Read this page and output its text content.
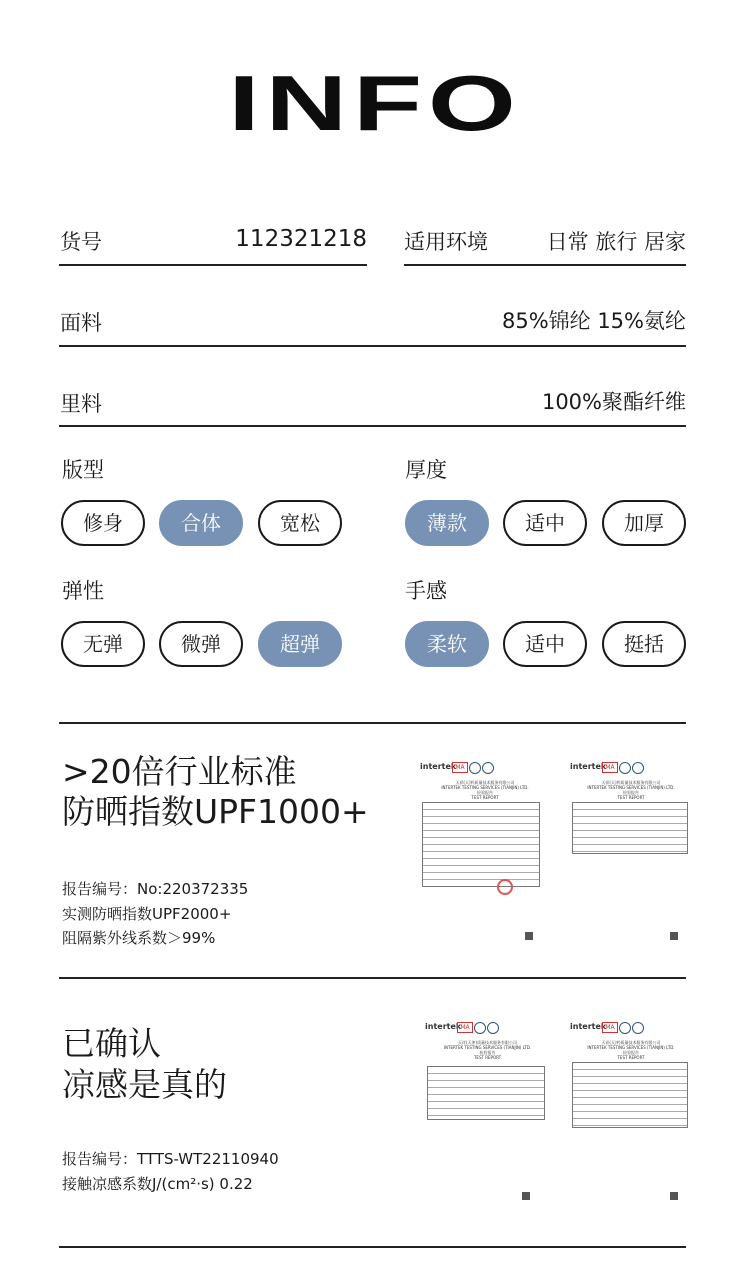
INFO
货号	112321218 适用环境	日常 旅行 居家
面料	85%锦纶 15%氨纶
里料	100%聚酯纤维
版型
修身	合体	宽松
厚度
薄款	适中	加厚
弹性
无弹	微弹	超弹
手感
柔软	适中	挺括
>20倍行业标准
防晒指数UPF1000+
报告编号：No:220372335
实测防晒指数UPF2000+
阻隔紫外线系数＞99%
intertek MA
天祥(天津)质量技术服务有限公司
INTERTEK TESTING SERVICES (TIANJIN) LTD.
检验报告
TEST REPORT
intertek MA
天祥(天津)质量技术服务有限公司
INTERTEK TESTING SERVICES (TIANJIN) LTD.
检验报告
TEST REPORT
已确认
凉感是真的
报告编号：TTTS-WT22110940
接触凉感系数J/(cm²·s) 0.22
intertek MA
天祥(天津)质量技术服务有限公司
INTERTEK TESTING SERVICES (TIANJIN) LTD.
检验报告
TEST REPORT
intertek MA
天祥(天津)质量技术服务有限公司
INTERTEK TESTING SERVICES (TIANJIN) LTD.
检验报告
TEST REPORT
